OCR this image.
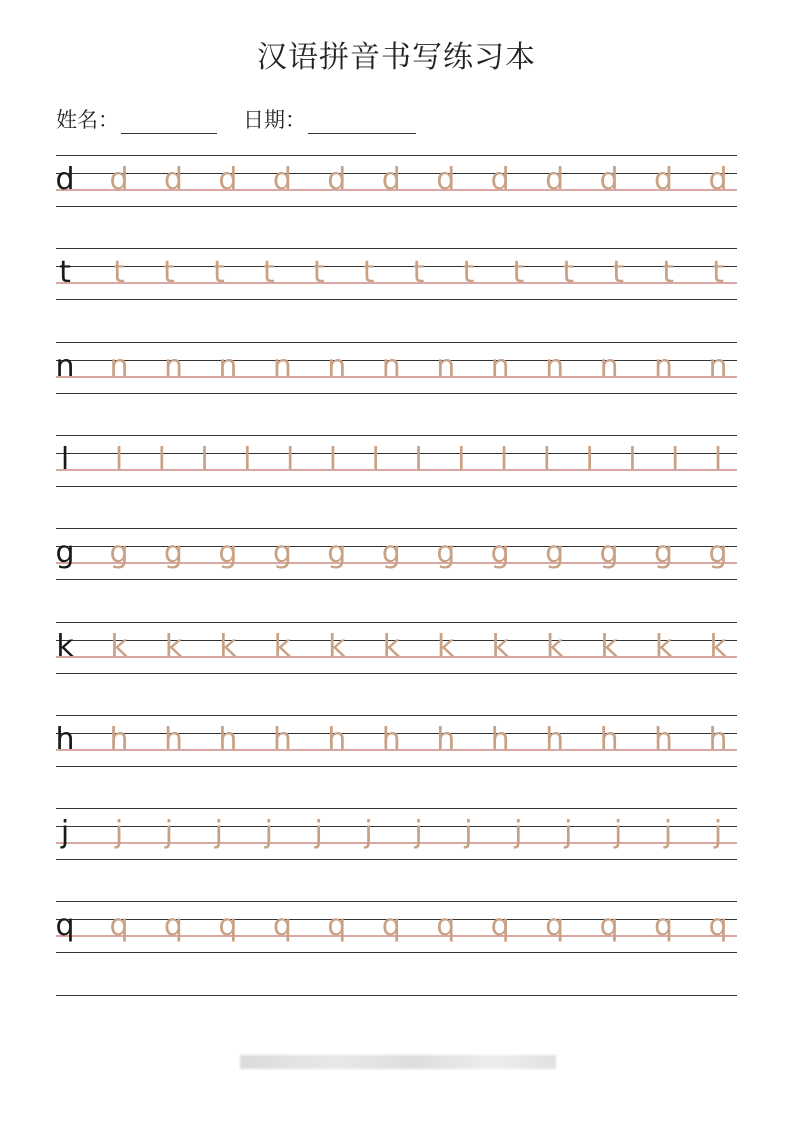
汉语拼音书写练习本
姓名：	日期：
d d d d d d d d d d d d d
t	t	t	t	t	t	t	t	t	t	t	t	t	t
n n n n n n n n n n n n n
l	l	l	l	l	l	l	l	l	l	l	l	l	l	l	l
g g g g g g g g g g g g g
k k k k k k k k k k k k k
h h h h h h h h h h h h h
j	j	j	j	j	j	j	j	j	j	j	j	j	j
q q q q q q q q q q q q q
